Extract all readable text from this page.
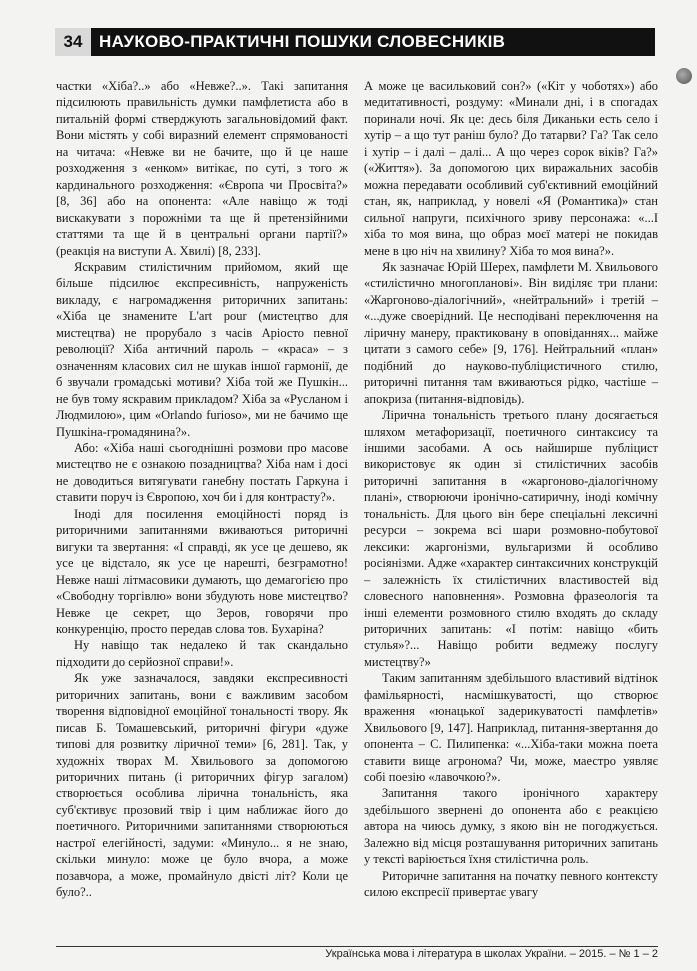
34 НАУКОВО-ПРАКТИЧНІ ПОШУКИ СЛОВЕСНИКІВ

частки «Хіба?..» або «Невже?..». Такі запитання підсилюють правильність думки памфлетиста або в питальній формі стверджують загальновідомий факт. Вони містять у собі виразний елемент спрямованості на читача: «Невже ви не бачите, що й це наше розходження з «енком» витікає, по суті, з того ж кардинального розходження: «Європа чи Просвіта?» [8, 36] або на опонента: «Але навіщо ж тоді вискакувати з порожніми та ще й претензійними статтями та ще й в центральні органи партії?» (реакція на виступи А. Хвилі) [8, 233].

Яскравим стилістичним прийомом, який ще більше підсилює експресивність, напруженість викладу, є нагромадження риторичних запитань: «Хіба це знаменитe L'art pour (мистецтво для мистецтва) не прорубало з часів Аріосто певної революції? Хіба античний пароль – «краса» – з означенням класових сил не шукав іншої гармонії, де б звучали громадські мотиви? Хіба той же Пушкін... не був тому яскравим прикладом? Хіба за «Русланом і Людмилою», цим «Orlando furioso», ми не бачимо ще Пушкіна-громадянина?».

Або: «Хіба наші сьогоднішні розмови про масове мистецтво не є ознакою позадництва? Хіба нам і досі не доводиться витягувати ганебну постать Гаркуна і ставити поруч із Європою, хоч би і для контрасту?».

Іноді для посилення емоційності поряд із риторичними запитаннями вживаються риторичні вигуки та звертання: «І справді, як усе це дешево, як усе це відстало, як усе це нарешті, безграмотно! Невже наші літмасовики думають, що демагогією про «Свободну торгівлю» вони збудують нове мистецтво? Невже це секрет, що Зеров, говорячи про конкуренцію, просто передав слова тов. Бухаріна?

Ну навіщо так недалеко й так скандально підходити до серйозної справи!».

Як уже зазначалося, завдяки експресивності риторичних запитань, вони є важливим засобом творення відповідної емоційної тональності твору. Як писав Б. Томашевський, риторичні фігури «дуже типові для розвитку ліричної теми» [6, 281]. Так, у художніх творах М. Хвильового за допомогою риторичних питань (і риторичних фігур загалом) створюється особлива лірична тональність, яка суб'єктивує прозовий твір і цим наближає його до поетичного. Риторичними запитаннями створюються настрої елегійності, задуми: «Минуло... я не знаю, скільки минуло: може це було вчора, а може позавчора, а може, промайнуло двісті літ? Коли це було?..

А може це васильковий сон?» («Кіт у чоботях») або медитативності, роздуму: «Минали дні, і в спогадах поринали ночі. Як це: десь біля Диканьки есть село і хутір – а що тут раніш було? До татарви? Га? Так село і хутір – і далі – далі... А що через сорок віків? Га?» («Життя»). За допомогою цих виражальних засобів можна передавати особливий суб'єктивний емоційний стан, як, наприклад, у новелі «Я (Романтика)» стан сильної напруги, психічного зриву персонажа: «...І хіба то моя вина, що образ моєї матері не покидав мене в цю ніч на хвилину? Хіба то моя вина?».

Як зазначає Юрій Шерех, памфлети М. Хвильового «стилістично многопланові». Він виділяє три плани: «Жаргоново-діалогічний», «нейтральний» і третій – «...дуже своерідний. Це несподівані переключення на ліричну манеру, практиковану в оповіданнях... майже цитати з самого себе» [9, 176]. Нейтральний «план» подібний до науково-публіцистичного стилю, риторичні питання там вживаються рідко, частіше – апокриза (питання-відповідь).

Лірична тональність третього плану досягається шляхом метафоризації, поетичного синтаксису та іншими засобами. А ось найширше публіцист використовує як один зі стилістичних засобів риторичні запитання в «жаргоново-діалогічному плані», створюючи іронічно-сатиричну, іноді комічну тональність. Для цього він бере спеціальні лексичні ресурси – зокрема всі шари розмовно-побутової лексики: жаргонізми, вульгаризми й особливо росіянізми. Адже «характер синтаксичних конструкцій – залежність їх стилістичних властивостей від словесного наповнення». Розмовна фразеологія та інші елементи розмовного стилю входять до складу риторичних запитань: «І потім: навіщо «бить стулья»?... Навіщо робити ведмежу послугу мистецтву?»

Таким запитанням здебільшого властивий відтінок фамільярності, насмішкуватості, що створює враження «юнацької задерикуватості памфлетів» Хвильового [9, 147]. Наприклад, питання-звертання до опонента – С. Пилипенка: «...Хіба-таки можна поета ставити вище агронома? Чи, може, маестро уявляє собі поезію «лавочкою?».

Запитання такого іронічного характеру здебільшого звернені до опонента або є реакцією автора на чиюсь думку, з якою він не погоджується. Залежно від місця розташування риторичних запитань у тексті варіюється їхня стилістична роль.

Риторичне запитання на початку певного контексту силою експресії привертає увагу

Українська мова і література в школах України. – 2015. – № 1 – 2
